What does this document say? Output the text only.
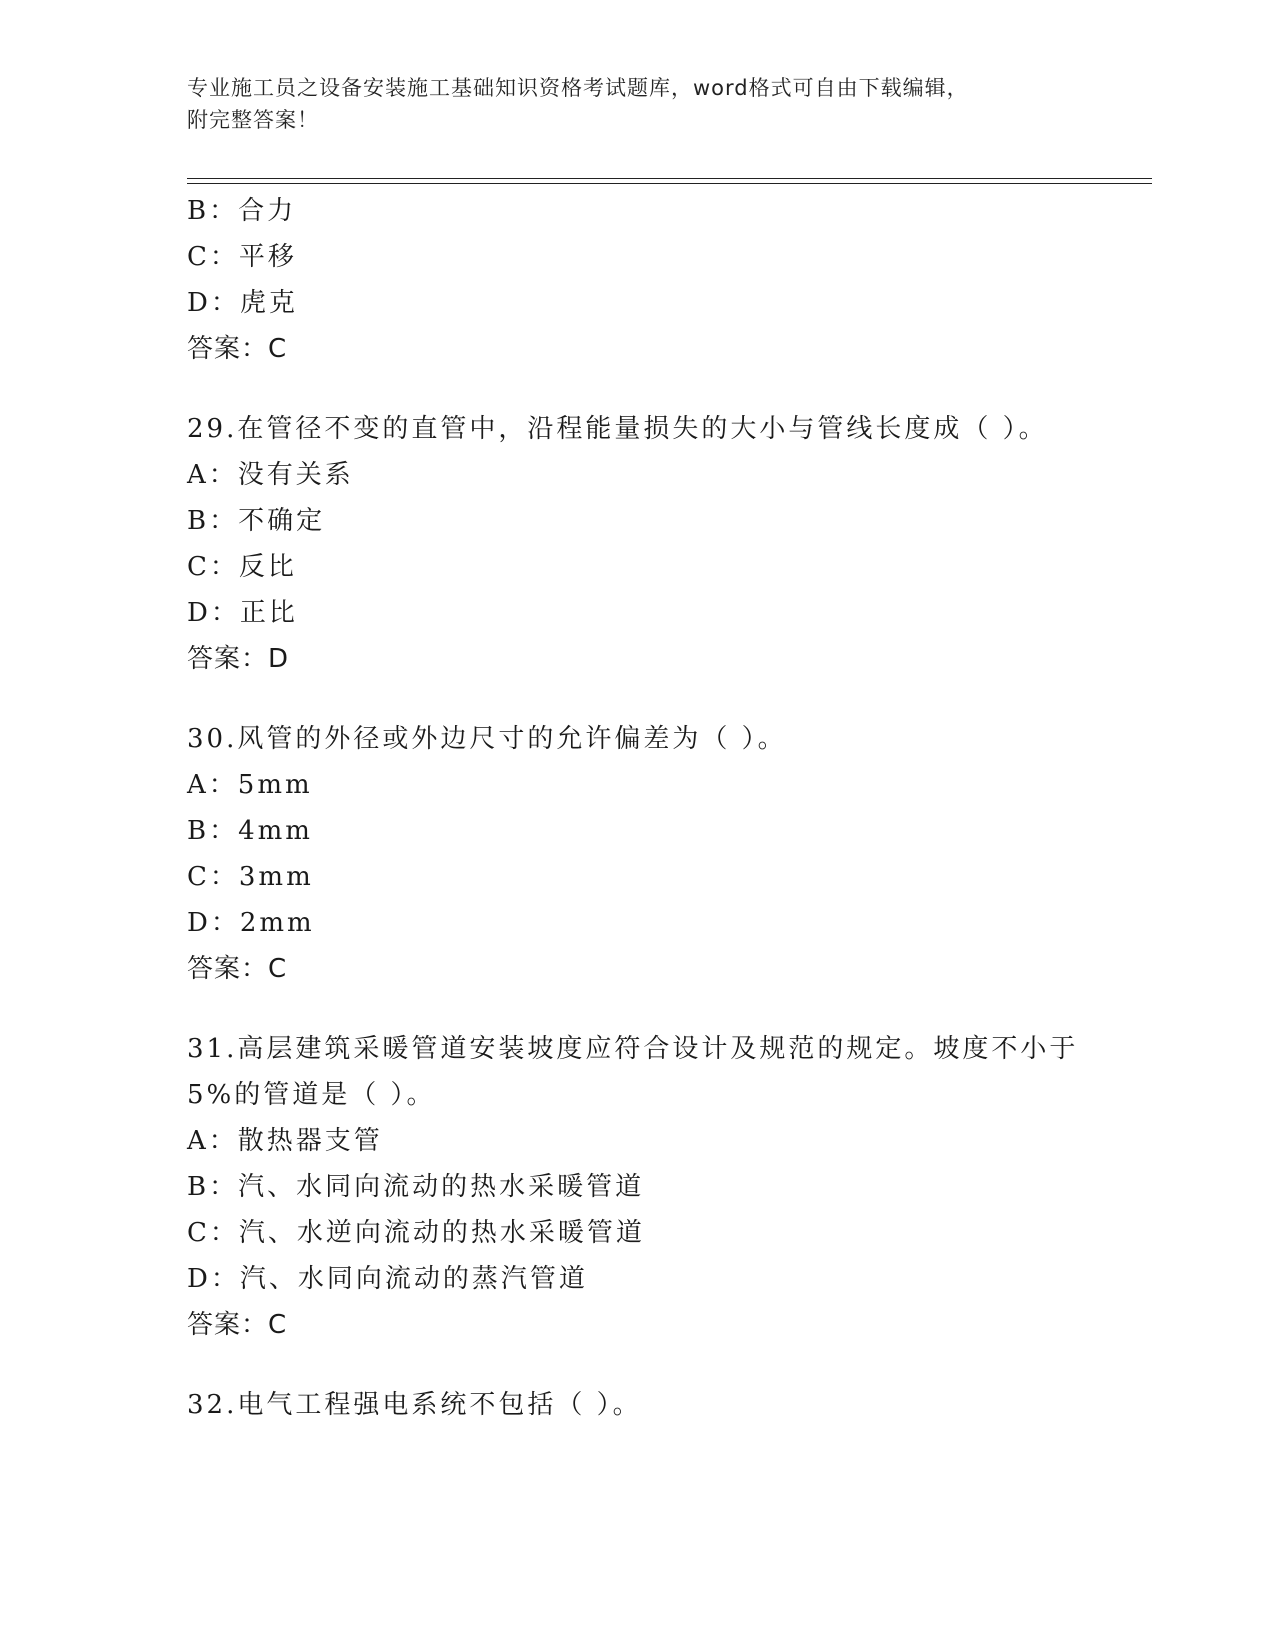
专业施工员之设备安装施工基础知识资格考试题库，word格式可自由下载编辑，
附完整答案！
B：合力
C：平移
D：虎克
答案：C
29.在管径不变的直管中，沿程能量损失的大小与管线长度成（ ）。
A：没有关系
B：不确定
C：反比
D：正比
答案：D
30.风管的外径或外边尺寸的允许偏差为（ ）。
A：5mm
B：4mm
C：3mm
D：2mm
答案：C
31.高层建筑采暖管道安装坡度应符合设计及规范的规定。坡度不小于
5%的管道是（ ）。
A：散热器支管
B：汽、水同向流动的热水采暖管道
C：汽、水逆向流动的热水采暖管道
D：汽、水同向流动的蒸汽管道
答案：C
32.电气工程强电系统不包括（ ）。
